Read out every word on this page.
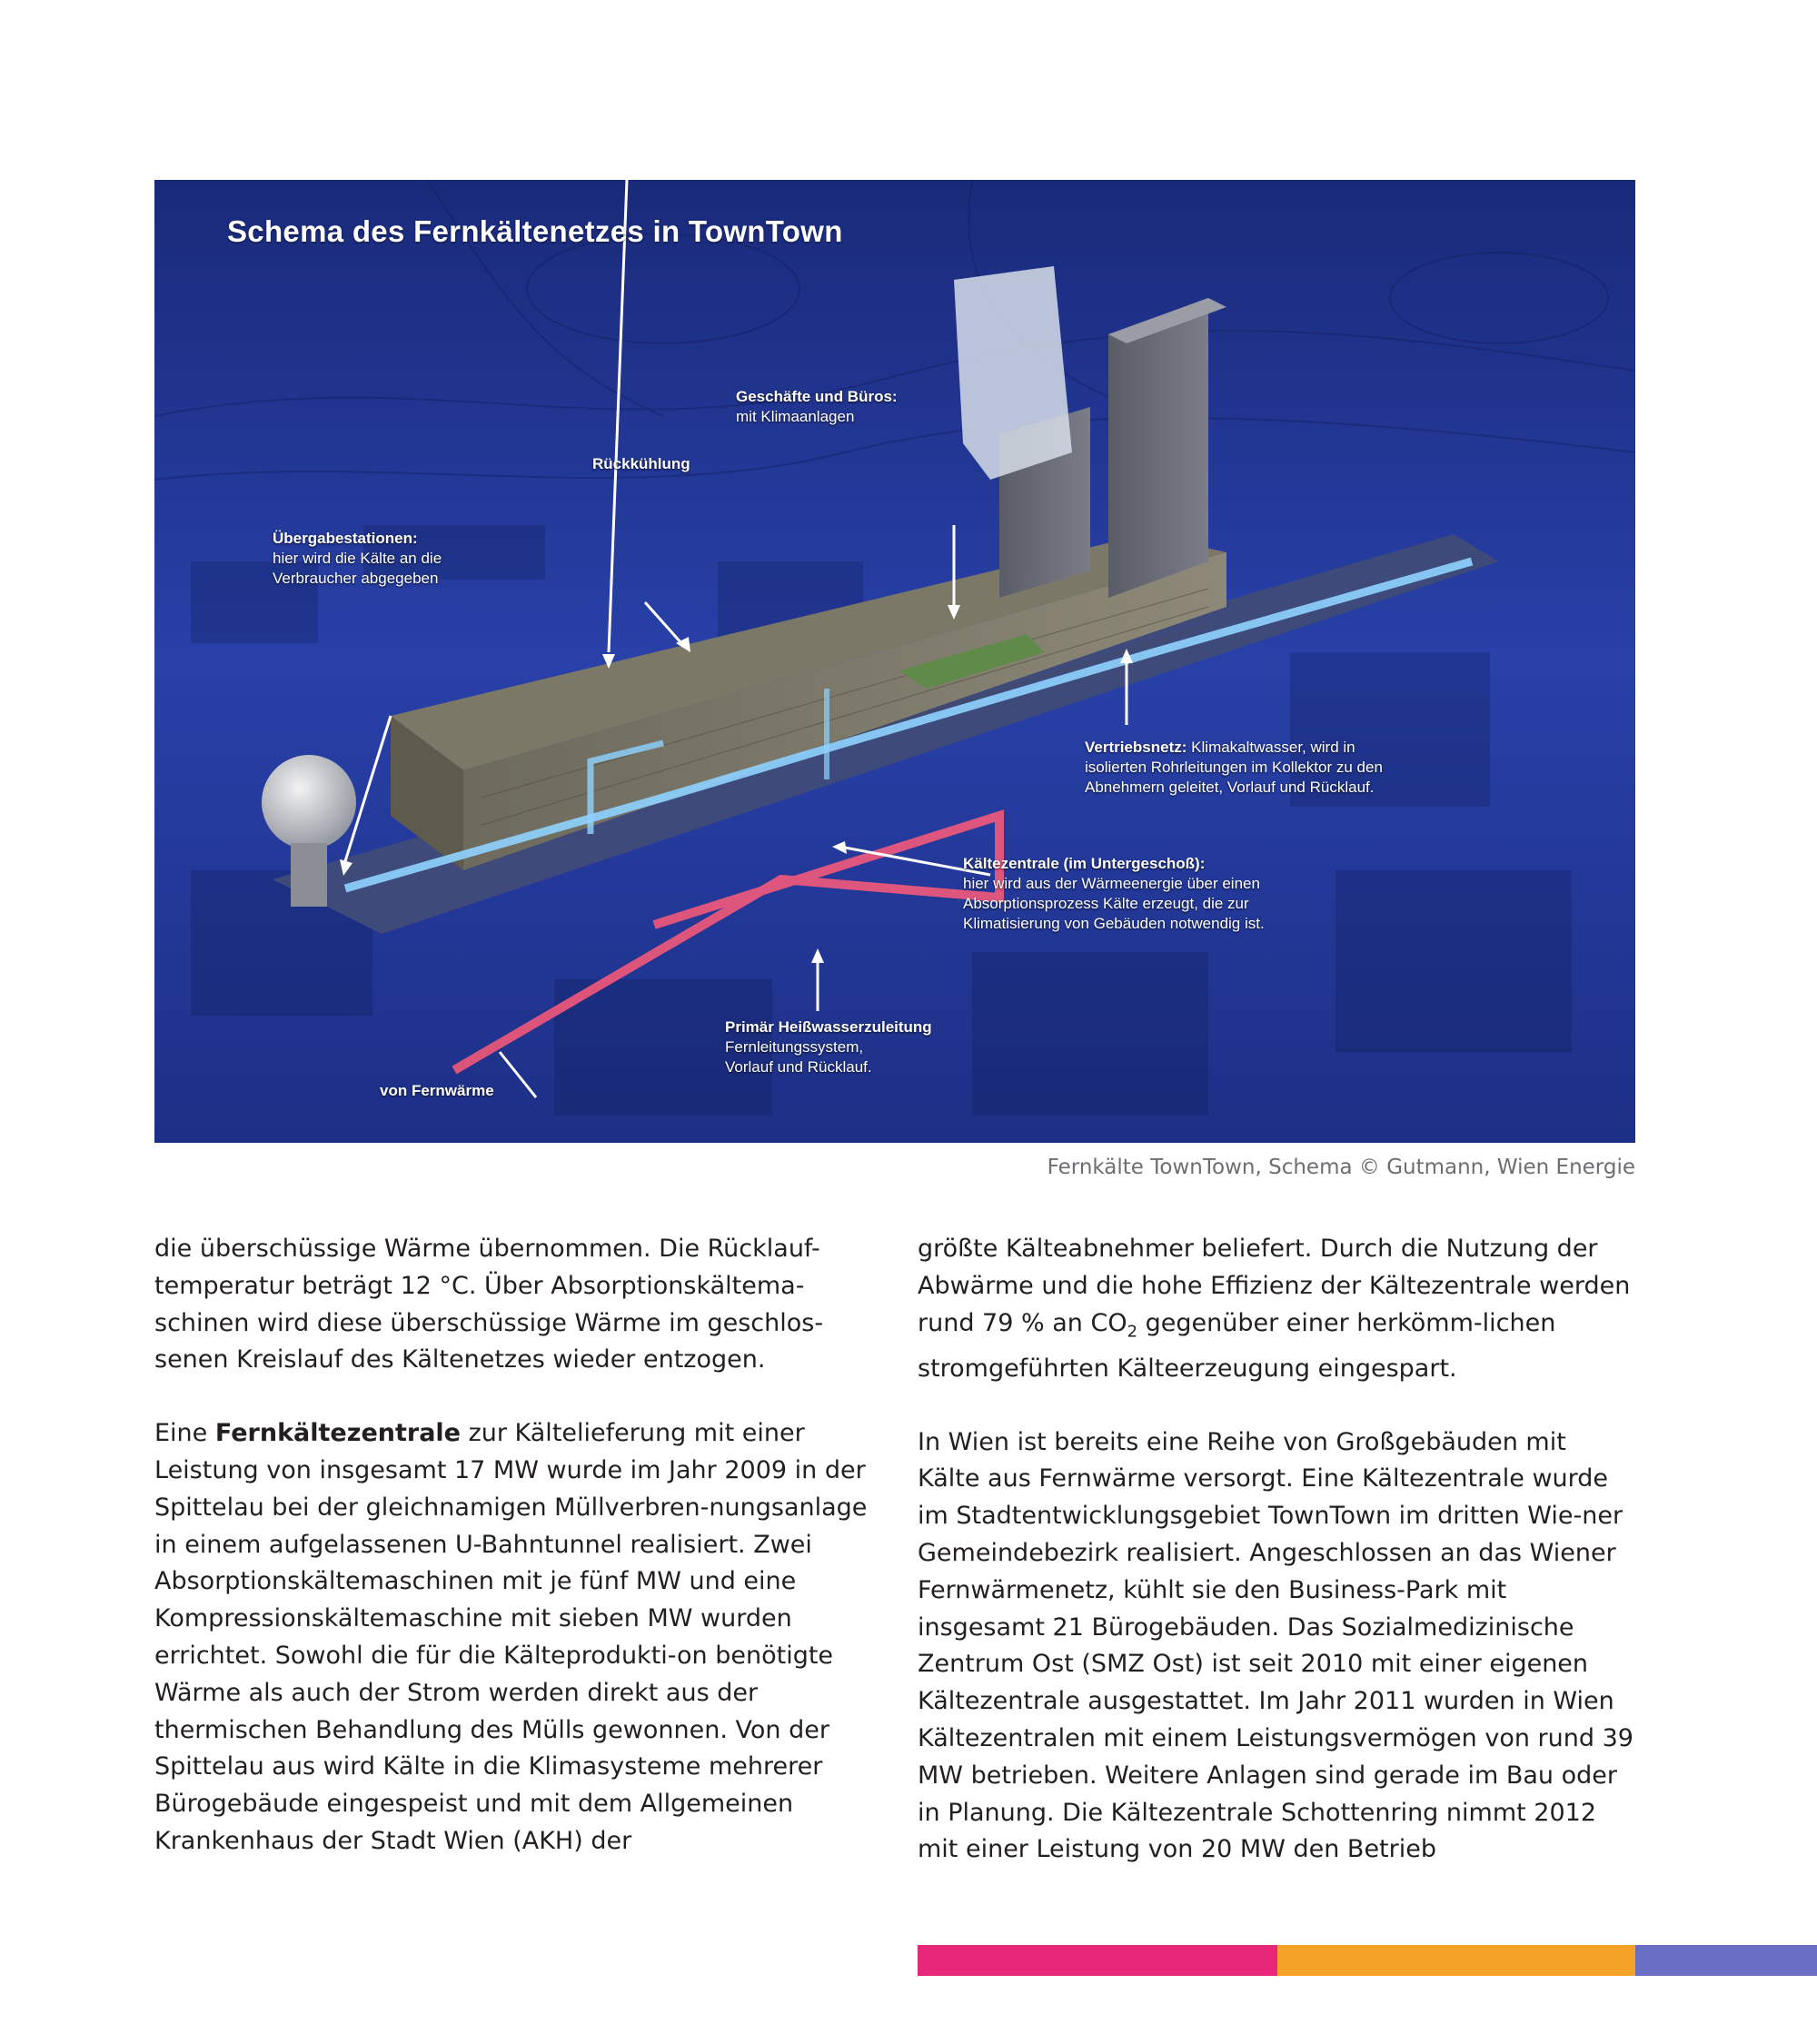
Schema des Fernkältenetzes in TownTown
Rückkühlung
Geschäfte und Büros:
mit Klimaanlagen
Übergabestationen:
hier wird die Kälte an die
Verbraucher abgegeben
Vertriebsnetz: Klimakaltwasser, wird in
isolierten Rohrleitungen im Kollektor zu den
Abnehmern geleitet, Vorlauf und Rücklauf.
Kältezentrale (im Untergeschoß):
hier wird aus der Wärmeenergie über einen
Absorptionsprozess Kälte erzeugt, die zur
Klimatisierung von Gebäuden notwendig ist.
Primär Heißwasserzuleitung
Fernleitungssystem,
Vorlauf und Rücklauf.
von Fernwärme
Fernkälte TownTown, Schema © Gutmann, Wien Energie

die überschüssige Wärme übernommen. Die Rücklauf-temperatur beträgt 12 °C. Über Absorptionskältema-schinen wird diese überschüssige Wärme im geschlos-senen Kreislauf des Kältenetzes wieder entzogen.

Eine Fernkältezentrale zur Kältelieferung mit einer Leistung von insgesamt 17 MW wurde im Jahr 2009 in der Spittelau bei der gleichnamigen Müllverbren-nungsanlage in einem aufgelassenen U-Bahntunnel realisiert. Zwei Absorptionskältemaschinen mit je fünf MW und eine Kompressionskältemaschine mit sieben MW wurden errichtet. Sowohl die für die Kälteprodukti-on benötigte Wärme als auch der Strom werden direkt aus der thermischen Behandlung des Mülls gewonnen. Von der Spittelau aus wird Kälte in die Klimasysteme mehrerer Bürogebäude eingespeist und mit dem Allgemeinen Krankenhaus der Stadt Wien (AKH) der

größte Kälteabnehmer beliefert. Durch die Nutzung der Abwärme und die hohe Effizienz der Kältezentrale werden rund 79 % an $CO_2$ gegenüber einer herkömm-lichen stromgeführten Kälteerzeugung eingespart.

In Wien ist bereits eine Reihe von Großgebäuden mit Kälte aus Fernwärme versorgt. Eine Kältezentrale wurde im Stadtentwicklungsgebiet TownTown im dritten Wie-ner Gemeindebezirk realisiert. Angeschlossen an das Wiener Fernwärmenetz, kühlt sie den Business-Park mit insgesamt 21 Bürogebäuden. Das Sozialmedizinische Zentrum Ost (SMZ Ost) ist seit 2010 mit einer eigenen Kältezentrale ausgestattet. Im Jahr 2011 wurden in Wien Kältezentralen mit einem Leistungsvermögen von rund 39 MW betrieben. Weitere Anlagen sind gerade im Bau oder in Planung. Die Kältezentrale Schottenring nimmt 2012 mit einer Leistung von 20 MW den Betrieb
